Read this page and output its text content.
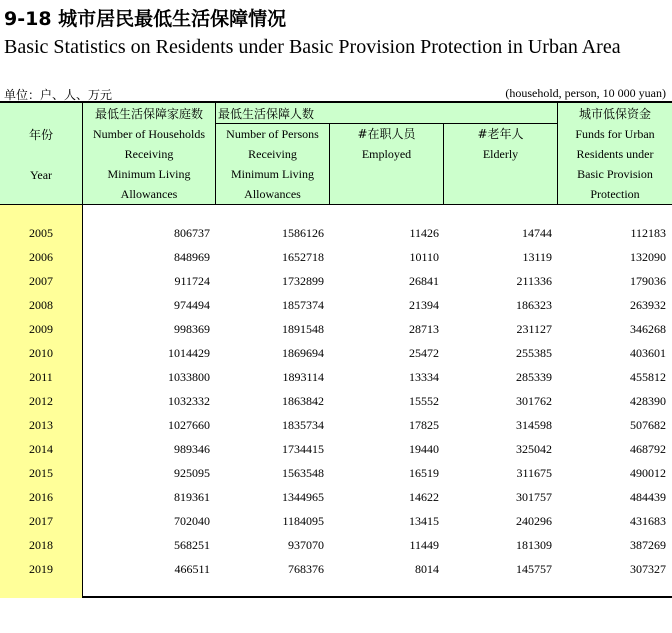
9-18 城市居民最低生活保障情况
Basic Statistics on Residents under Basic Provision Protection in Urban Area
单位：户、人、万元	(household, person, 10 000 yuan)
年份
Year
最低生活保障家庭数
Number of Households
Receiving
Minimum Living
Allowances
最低生活保障人数
Number of Persons
Receiving
Minimum Living
Allowances
#在职人员
Employed
#老年人
Elderly
城市低保资金
Funds for Urban
Residents under
Basic Provision
Protection
2005	806737	1586126	11426	14744	112183
2006	848969	1652718	10110	13119	132090
2007	911724	1732899	26841	211336	179036
2008	974494	1857374	21394	186323	263932
2009	998369	1891548	28713	231127	346268
2010	1014429	1869694	25472	255385	403601
2011	1033800	1893114	13334	285339	455812
2012	1032332	1863842	15552	301762	428390
2013	1027660	1835734	17825	314598	507682
2014	989346	1734415	19440	325042	468792
2015	925095	1563548	16519	311675	490012
2016	819361	1344965	14622	301757	484439
2017	702040	1184095	13415	240296	431683
2018	568251	937070	11449	181309	387269
2019	466511	768376	8014	145757	307327
